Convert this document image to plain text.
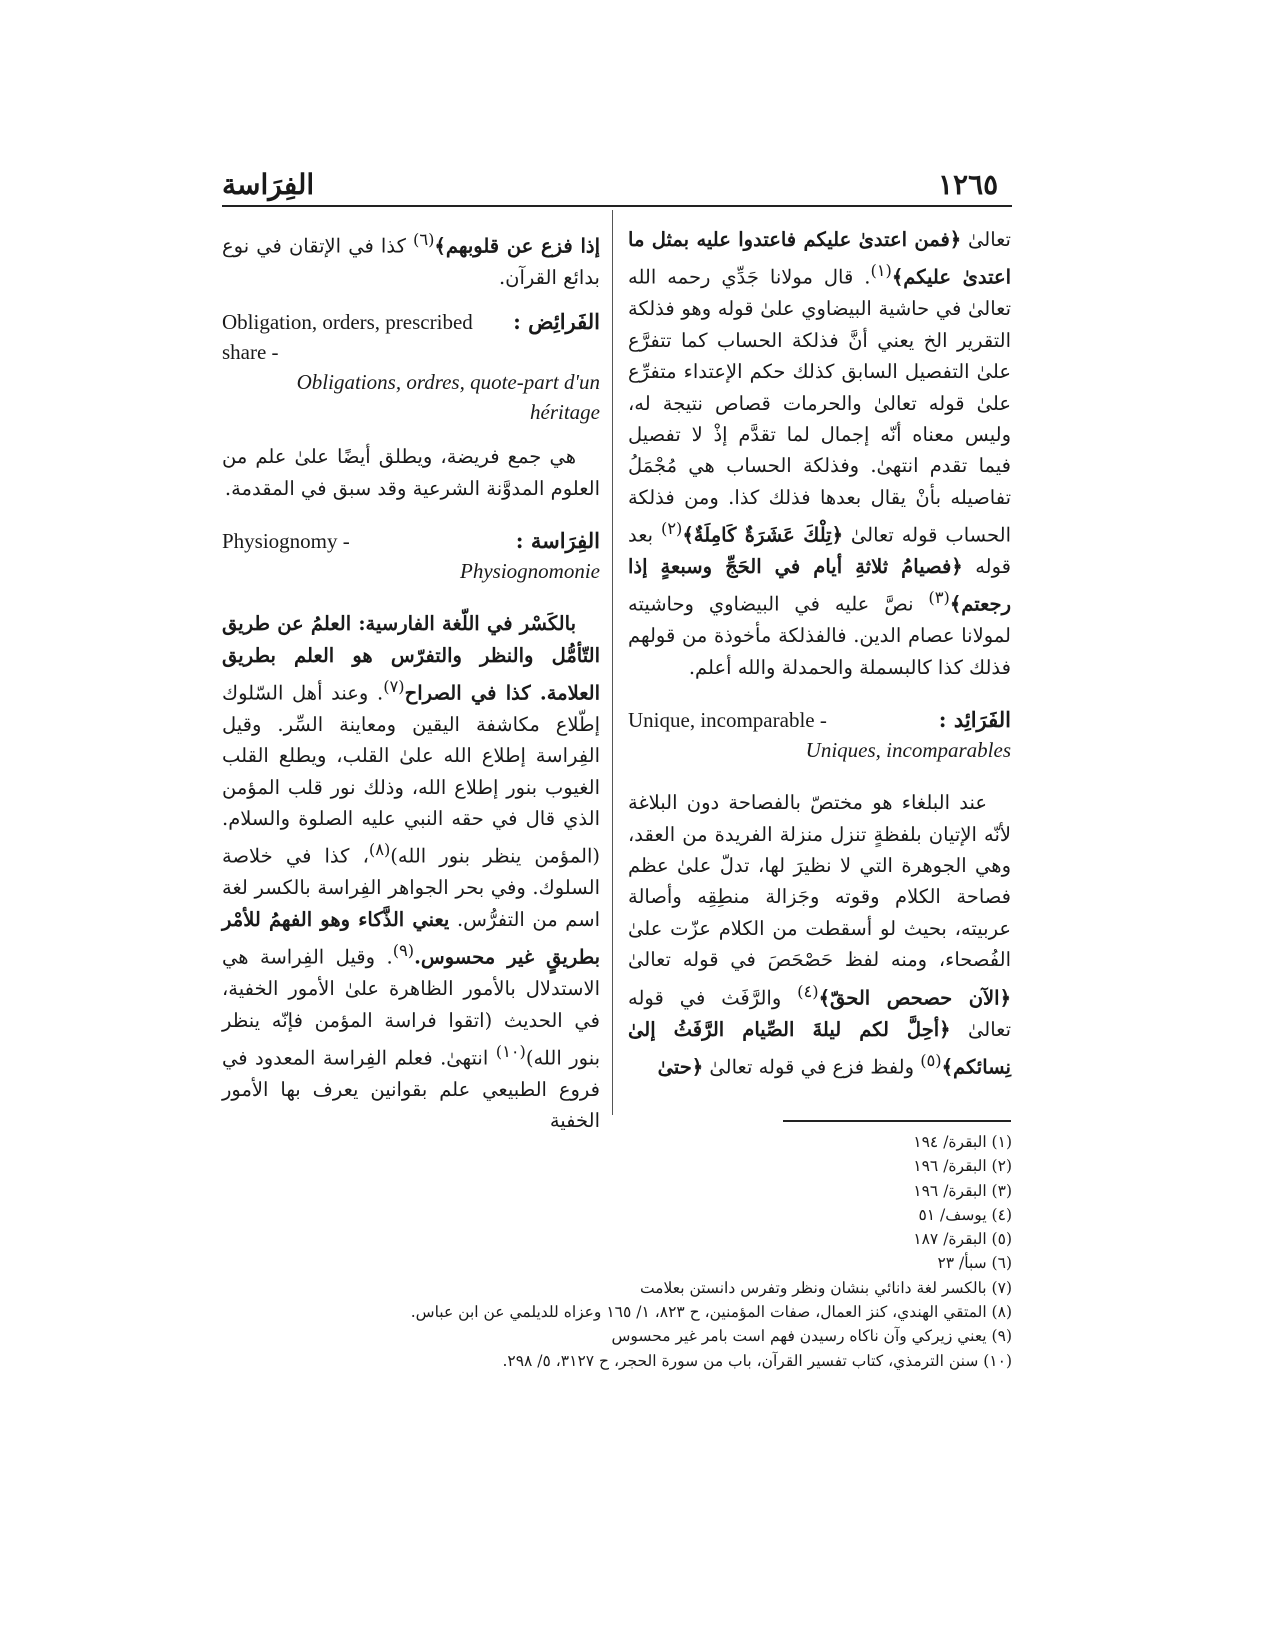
الفِرَاسة	١٢٦٥

تعالىٰ ﴿فمن اعتدىٰ عليكم فاعتدوا عليه بمثل ما اعتدىٰ عليكم﴾$^{(١)}$. قال مولانا جَدِّي رحمه الله تعالىٰ في حاشية البيضاوي علىٰ قوله وهو فذلكة التقرير الخ يعني أنَّ فذلكة الحساب كما تتفرَّع علىٰ التفصيل السابق كذلك حكم الإعتداء متفرِّع علىٰ قوله تعالىٰ والحرمات قصاص نتيجة له، وليس معناه أنّه إجمال لما تقدَّم إذْ لا تفصيل فيما تقدم انتهىٰ. وفذلكة الحساب هي مُجْمَلُ تفاصيله بأنْ يقال بعدها فذلك كذا. ومن فذلكة الحساب قوله تعالىٰ ﴿تِلْكَ عَشَرَةٌ كَامِلَةٌ﴾$^{(٢)}$ بعد قوله ﴿فصيامُ ثلاثةِ أيام في الحَجِّ وسبعةٍ إذا رجعتم﴾$^{(٣)}$ نصَّ عليه في البيضاوي وحاشيته لمولانا عصام الدين. فالفذلكة مأخوذة من قولهم فذلك كذا كالبسملة والحمدلة والله أعلم.

الفَرَائِد :
Unique, incomparable -
Uniques, incomparables

عند البلغاء هو مختصّ بالفصاحة دون البلاغة لأنّه الإتيان بلفظةٍ تنزل منزلة الفريدة من العقد، وهي الجوهرة التي لا نظيرَ لها، تدلّ علىٰ عظم فصاحة الكلام وقوته وجَزالة منطِقِه وأصالة عربيته، بحيث لو أسقطت من الكلام عزّت علىٰ الفُصحاء، ومنه لفظ حَصْحَصَ في قوله تعالىٰ ﴿الآن حصحص الحقّ﴾$^{(٤)}$ والرَّفَث في قوله تعالىٰ ﴿أحِلَّ لكم ليلةَ الصِّيام الرَّفَثُ إلىٰ نِسائكم﴾$^{(٥)}$ ولفظ فزع في قوله تعالىٰ ﴿حتىٰ

إذا فزع عن قلوبهم﴾$^{(٦)}$ كذا في الإتقان في نوع بدائع القرآن.

الفَرائِض :
Obligation, orders, prescribed share -
Obligations, ordres, quote-part d'un héritage

هي جمع فريضة، ويطلق أيضًا علىٰ علم من العلوم المدوَّنة الشرعية وقد سبق في المقدمة.

الفِرَاسة :
Physiognomy -
Physiognomonie

بالكَسْر في اللّغة الفارسية: العلمُ عن طريق التّأمُّل والنظر والتفرّس هو العلم بطريق العلامة. كذا في الصراح$^{(٧)}$. وعند أهل السّلوك إطّلاع مكاشفة اليقين ومعاينة السِّر. وقيل الفِراسة إطلاع الله علىٰ القلب، ويطلع القلب الغيوب بنور إطلاع الله، وذلك نور قلب المؤمن الذي قال في حقه النبي عليه الصلوة والسلام. (المؤمن ينظر بنور الله)$^{(٨)}$، كذا في خلاصة السلوك. وفي بحر الجواهر الفِراسة بالكسر لغة اسم من التفرُّس. يعني الذَّكاء وهو الفهمُ للأمْر بطريقٍ غير محسوس.$^{(٩)}$. وقيل الفِراسة هي الاستدلال بالأمور الظاهرة علىٰ الأمور الخفية، في الحديث (اتقوا فراسة المؤمن فإنّه ينظر بنور الله)$^{(١٠)}$ انتهىٰ. فعلم الفِراسة المعدود في فروع الطبيعي علم بقوانين يعرف بها الأمور الخفية

(١) البقرة/ ١٩٤

(٢) البقرة/ ١٩٦

(٣) البقرة/ ١٩٦

(٤) يوسف/ ٥١

(٥) البقرة/ ١٨٧

(٦) سبأ/ ٢٣

(٧) بالكسر لغة دانائي بنشان ونظر وتفرس دانستن بعلامت

(٨) المتقي الهندي، كنز العمال، صفات المؤمنين، ح ٨٢٣، ١/ ١٦٥ وعزاه للديلمي عن ابن عباس.

(٩) يعني زيركي وآن ناكاه رسيدن فهم است بامر غير محسوس

(١٠) سنن الترمذي، كتاب تفسير القرآن، باب من سورة الحجر، ح ٣١٢٧، ٥/ ٢٩٨.
